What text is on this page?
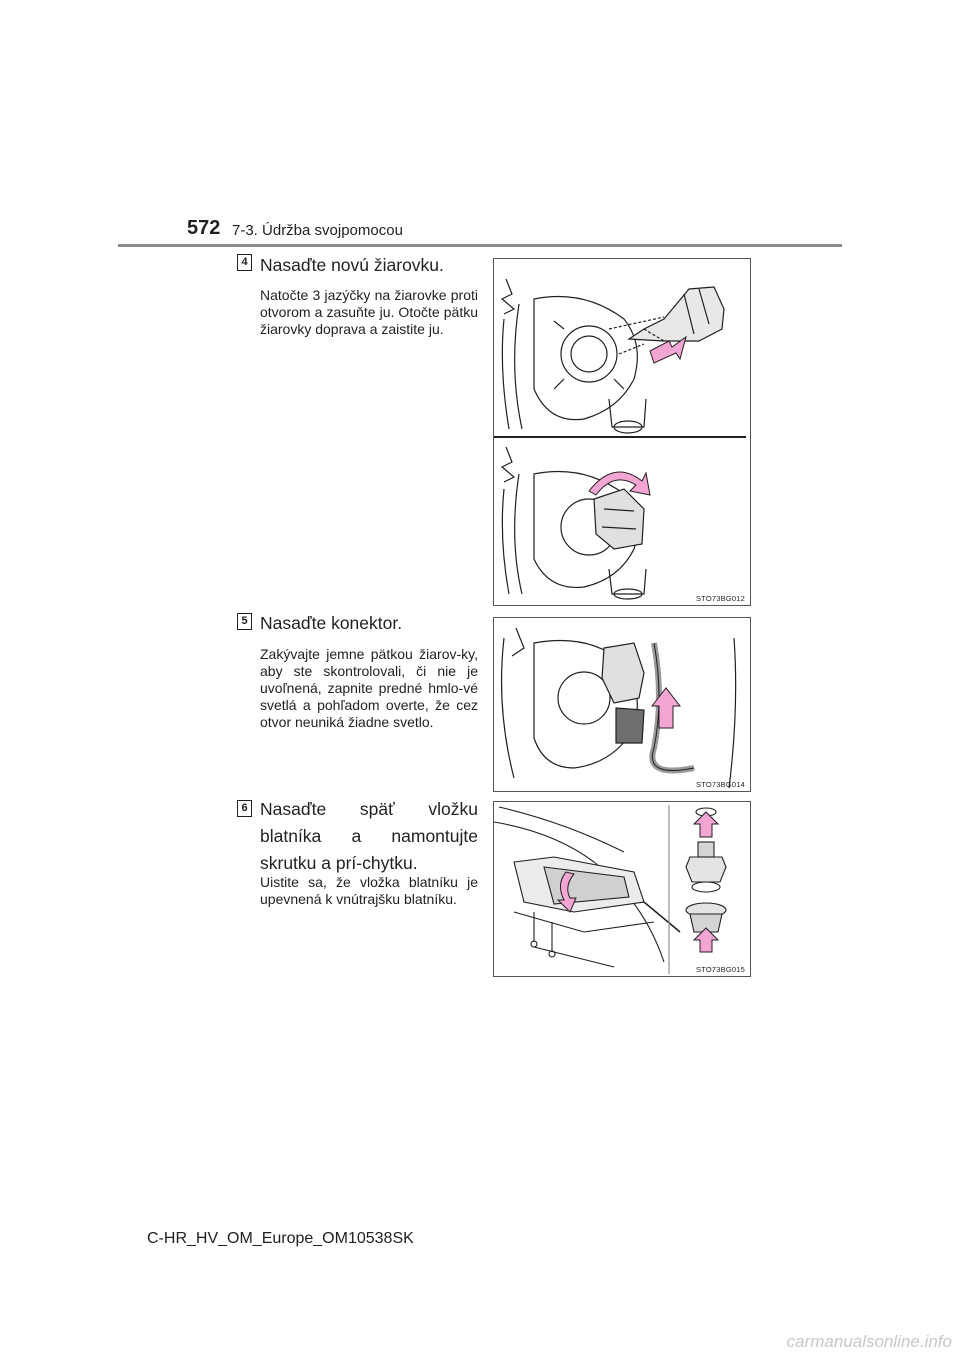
572 7-3. Údržba svojpomocou
4 Nasaďte novú žiarovku.
Natočte 3 jazýčky na žiarovke proti otvorom a zasuňte ju. Otočte pätku žiarovky doprava a zaistite ju.
STO73BG012
5 Nasaďte konektor.
Zakývajte jemne pätkou žiarov-ky, aby ste skontrolovali, či nie je uvoľnená, zapnite predné hmlo-vé svetlá a pohľadom overte, že cez otvor neuniká žiadne svetlo.
STO73BG014
6 Nasaďte späť vložku blatníka a namontujte skrutku a prí-chytku.
Uistite sa, že vložka blatníku je upevnená k vnútrajšku blatníku.
STO73BG015
C-HR_HV_OM_Europe_OM10538SK
carmanualsonline.info
